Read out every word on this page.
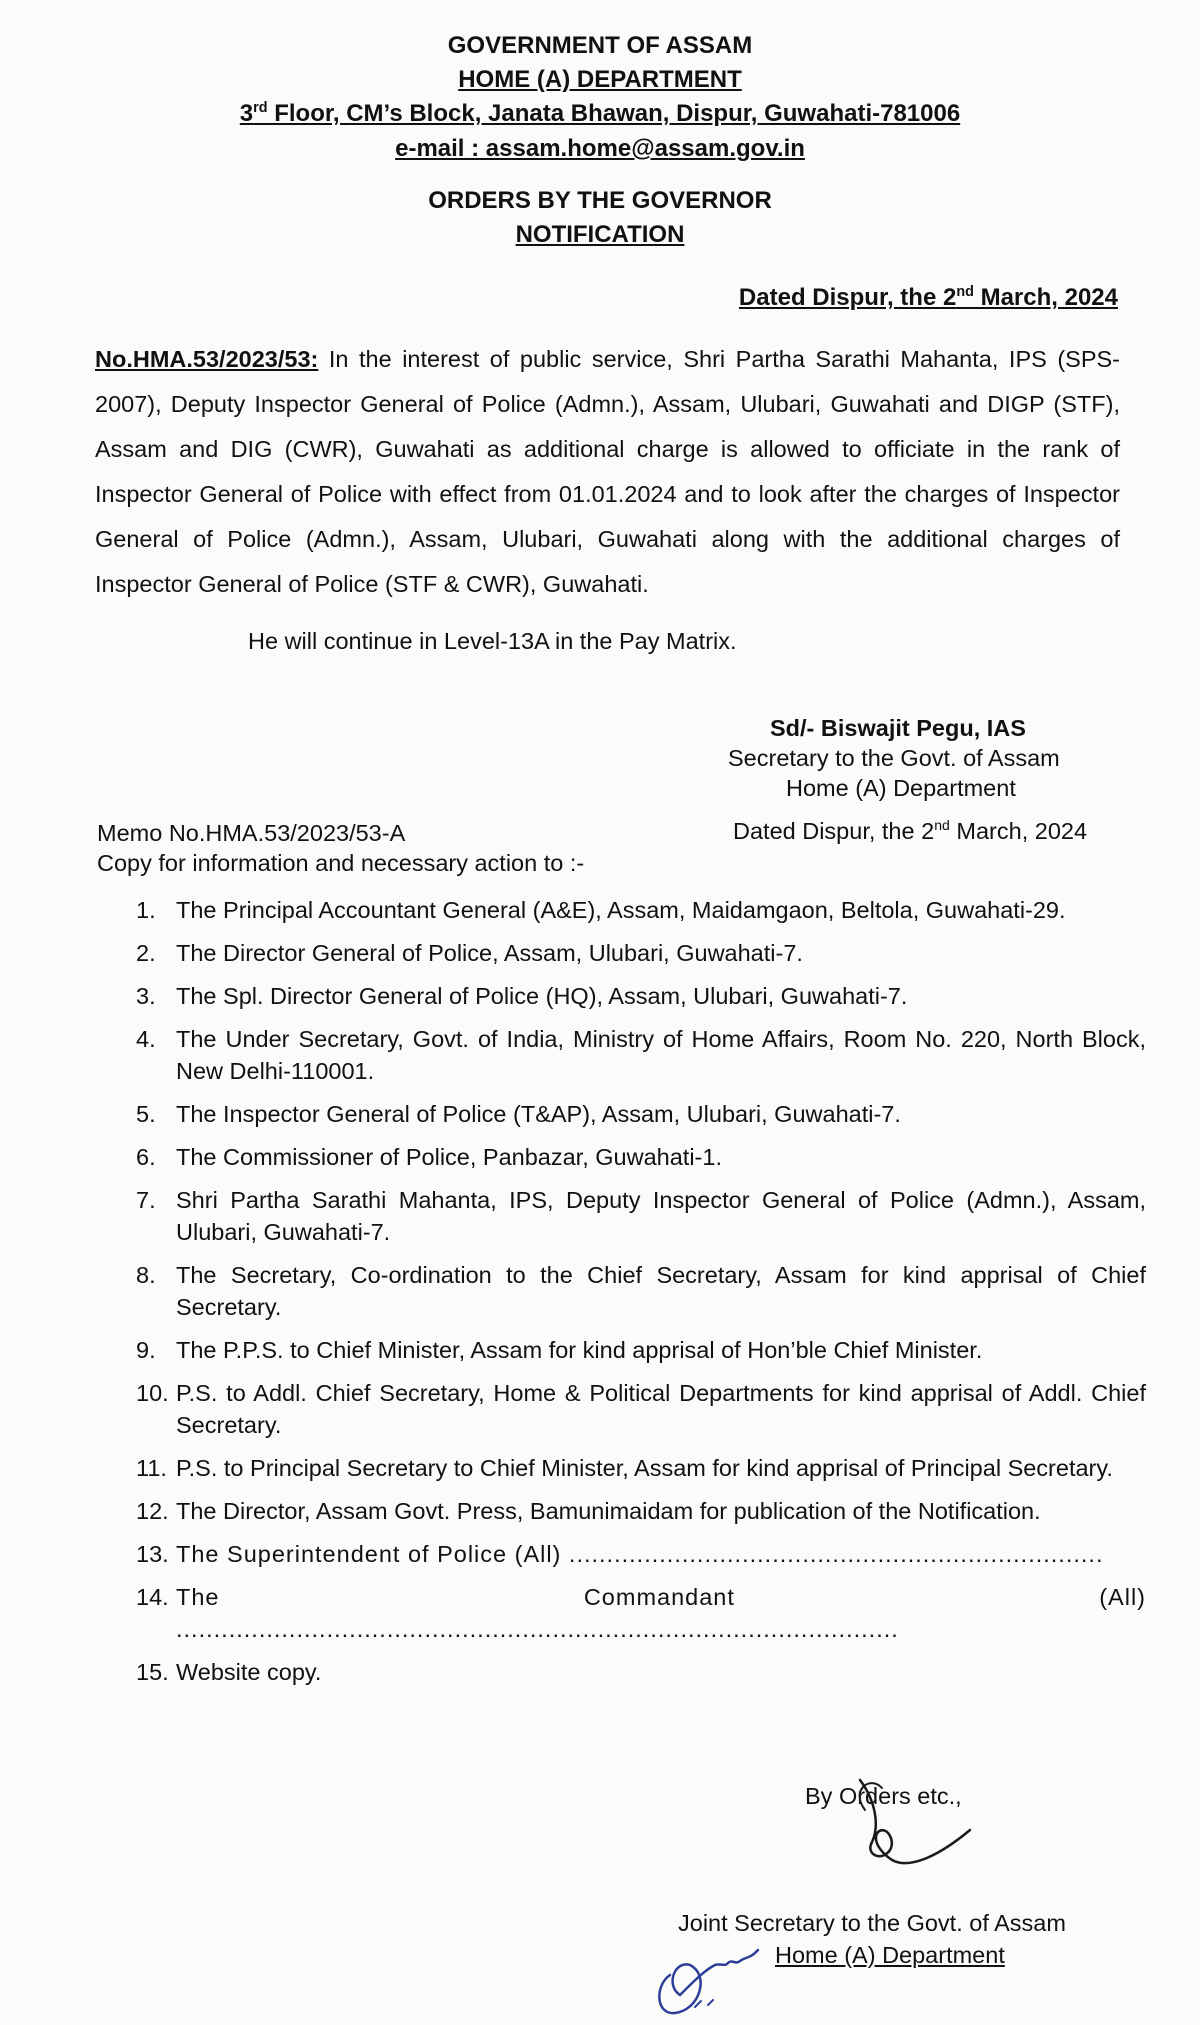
GOVERNMENT OF ASSAM
HOME (A) DEPARTMENT
3rd Floor, CM’s Block, Janata Bhawan, Dispur, Guwahati-781006
e-mail : assam.home@assam.gov.in
ORDERS BY THE GOVERNOR
NOTIFICATION
Dated Dispur, the 2nd March, 2024
No.HMA.53/2023/53: In the interest of public service, Shri Partha Sarathi Mahanta, IPS (SPS-2007), Deputy Inspector General of Police (Admn.), Assam, Ulubari, Guwahati and DIGP (STF), Assam and DIG (CWR), Guwahati as additional charge is allowed to officiate in the rank of Inspector General of Police with effect from 01.01.2024 and to look after the charges of Inspector General of Police (Admn.), Assam, Ulubari, Guwahati along with the additional charges of Inspector General of Police (STF & CWR), Guwahati.
He will continue in Level-13A in the Pay Matrix.
Sd/- Biswajit Pegu, IAS
Secretary to the Govt. of Assam
Home (A) Department
Memo No.HMA.53/2023/53-A	Dated Dispur, the 2nd March, 2024
Copy for information and necessary action to :-
1. The Principal Accountant General (A&E), Assam, Maidamgaon, Beltola, Guwahati-29.
2. The Director General of Police, Assam, Ulubari, Guwahati-7.
3. The Spl. Director General of Police (HQ), Assam, Ulubari, Guwahati-7.
4. The Under Secretary, Govt. of India, Ministry of Home Affairs, Room No. 220, North Block, New Delhi-110001.
5. The Inspector General of Police (T&AP), Assam, Ulubari, Guwahati-7.
6. The Commissioner of Police, Panbazar, Guwahati-1.
7. Shri Partha Sarathi Mahanta, IPS, Deputy Inspector General of Police (Admn.), Assam, Ulubari, Guwahati-7.
8. The Secretary, Co-ordination to the Chief Secretary, Assam for kind apprisal of Chief Secretary.
9. The P.P.S. to Chief Minister, Assam for kind apprisal of Hon’ble Chief Minister.
10. P.S. to Addl. Chief Secretary, Home & Political Departments for kind apprisal of Addl. Chief Secretary.
11. P.S. to Principal Secretary to Chief Minister, Assam for kind apprisal of Principal Secretary.
12. The Director, Assam Govt. Press, Bamunimaidam for publication of the Notification.
13. The Superintendent of Police (All) .......................................................................
14. The Commandant (All) ................................................................................................
15. Website copy.
By Orders etc.,
Joint Secretary to the Govt. of Assam
Home (A) Department
